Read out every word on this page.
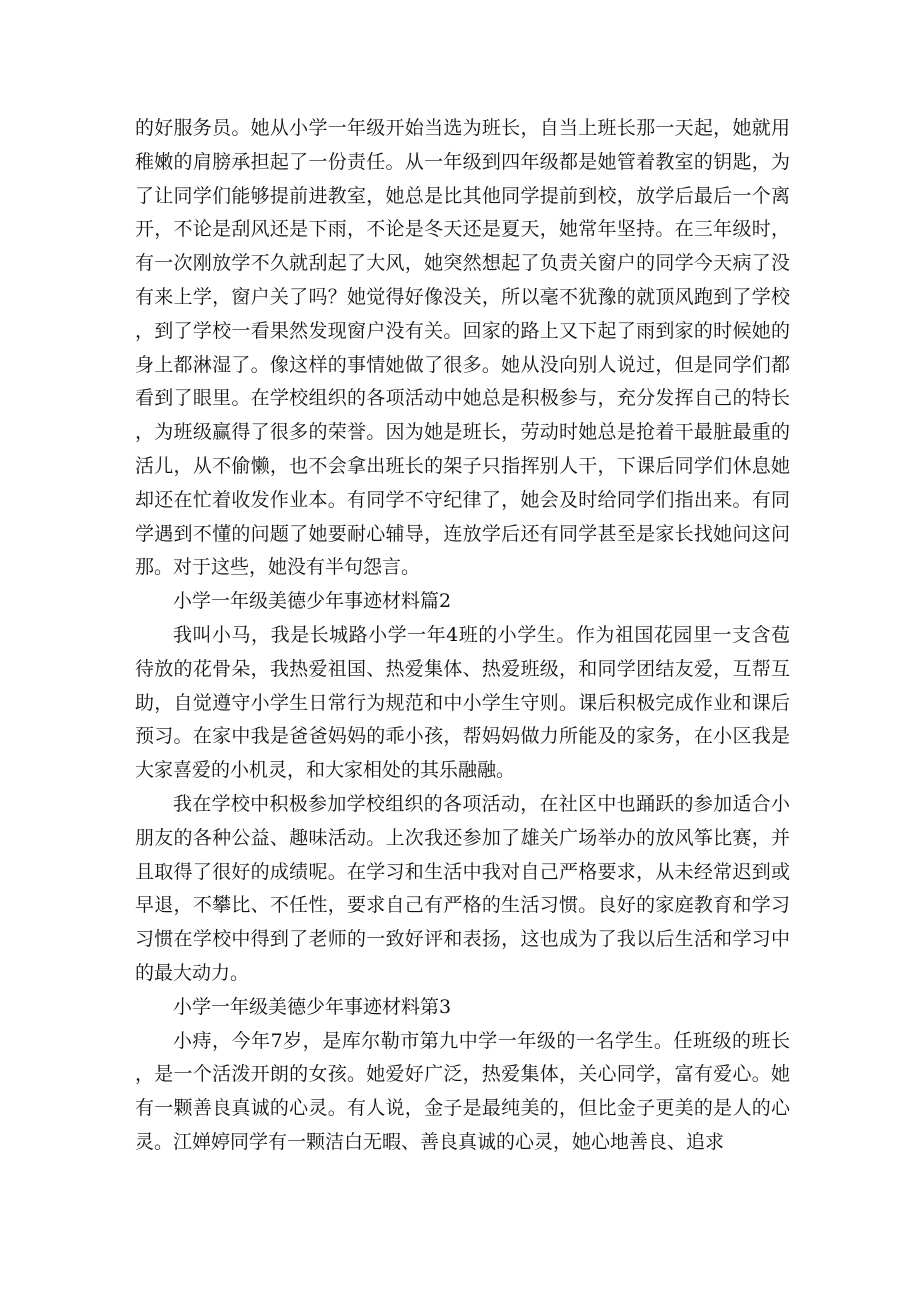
的好服务员。她从小学一年级开始当选为班长，自当上班长那一天起，她就用稚嫩的肩膀承担起了一份责任。从一年级到四年级都是她管着教室的钥匙，为了让同学们能够提前进教室，她总是比其他同学提前到校，放学后最后一个离开，不论是刮风还是下雨，不论是冬天还是夏天，她常年坚持。在三年级时，有一次刚放学不久就刮起了大风，她突然想起了负责关窗户的同学今天病了没有来上学，窗户关了吗？她觉得好像没关，所以毫不犹豫的就顶风跑到了学校，到了学校一看果然发现窗户没有关。回家的路上又下起了雨到家的时候她的身上都淋湿了。像这样的事情她做了很多。她从没向别人说过，但是同学们都看到了眼里。在学校组织的各项活动中她总是积极参与，充分发挥自己的特长，为班级赢得了很多的荣誉。因为她是班长，劳动时她总是抢着干最脏最重的活儿，从不偷懒，也不会拿出班长的架子只指挥别人干，下课后同学们休息她却还在忙着收发作业本。有同学不守纪律了，她会及时给同学们指出来。有同学遇到不懂的问题了她要耐心辅导，连放学后还有同学甚至是家长找她问这问那。对于这些，她没有半句怨言。

小学一年级美德少年事迹材料篇2

我叫小马，我是长城路小学一年4班的小学生。作为祖国花园里一支含苞待放的花骨朵，我热爱祖国、热爱集体、热爱班级，和同学团结友爱，互帮互助，自觉遵守小学生日常行为规范和中小学生守则。课后积极完成作业和课后预习。在家中我是爸爸妈妈的乖小孩，帮妈妈做力所能及的家务，在小区我是大家喜爱的小机灵，和大家相处的其乐融融。

我在学校中积极参加学校组织的各项活动，在社区中也踊跃的参加适合小朋友的各种公益、趣味活动。上次我还参加了雄关广场举办的放风筝比赛，并且取得了很好的成绩呢。在学习和生活中我对自己严格要求，从未经常迟到或早退，不攀比、不任性，要求自己有严格的生活习惯。良好的家庭教育和学习习惯在学校中得到了老师的一致好评和表扬，这也成为了我以后生活和学习中的最大动力。

小学一年级美德少年事迹材料第3

小痔，今年7岁，是库尔勒市第九中学一年级的一名学生。任班级的班长，是一个活泼开朗的女孩。她爱好广泛，热爱集体，关心同学，富有爱心。她有一颗善良真诚的心灵。有人说，金子是最纯美的，但比金子更美的是人的心灵。江婵婷同学有一颗洁白无暇、善良真诚的心灵，她心地善良、追求
